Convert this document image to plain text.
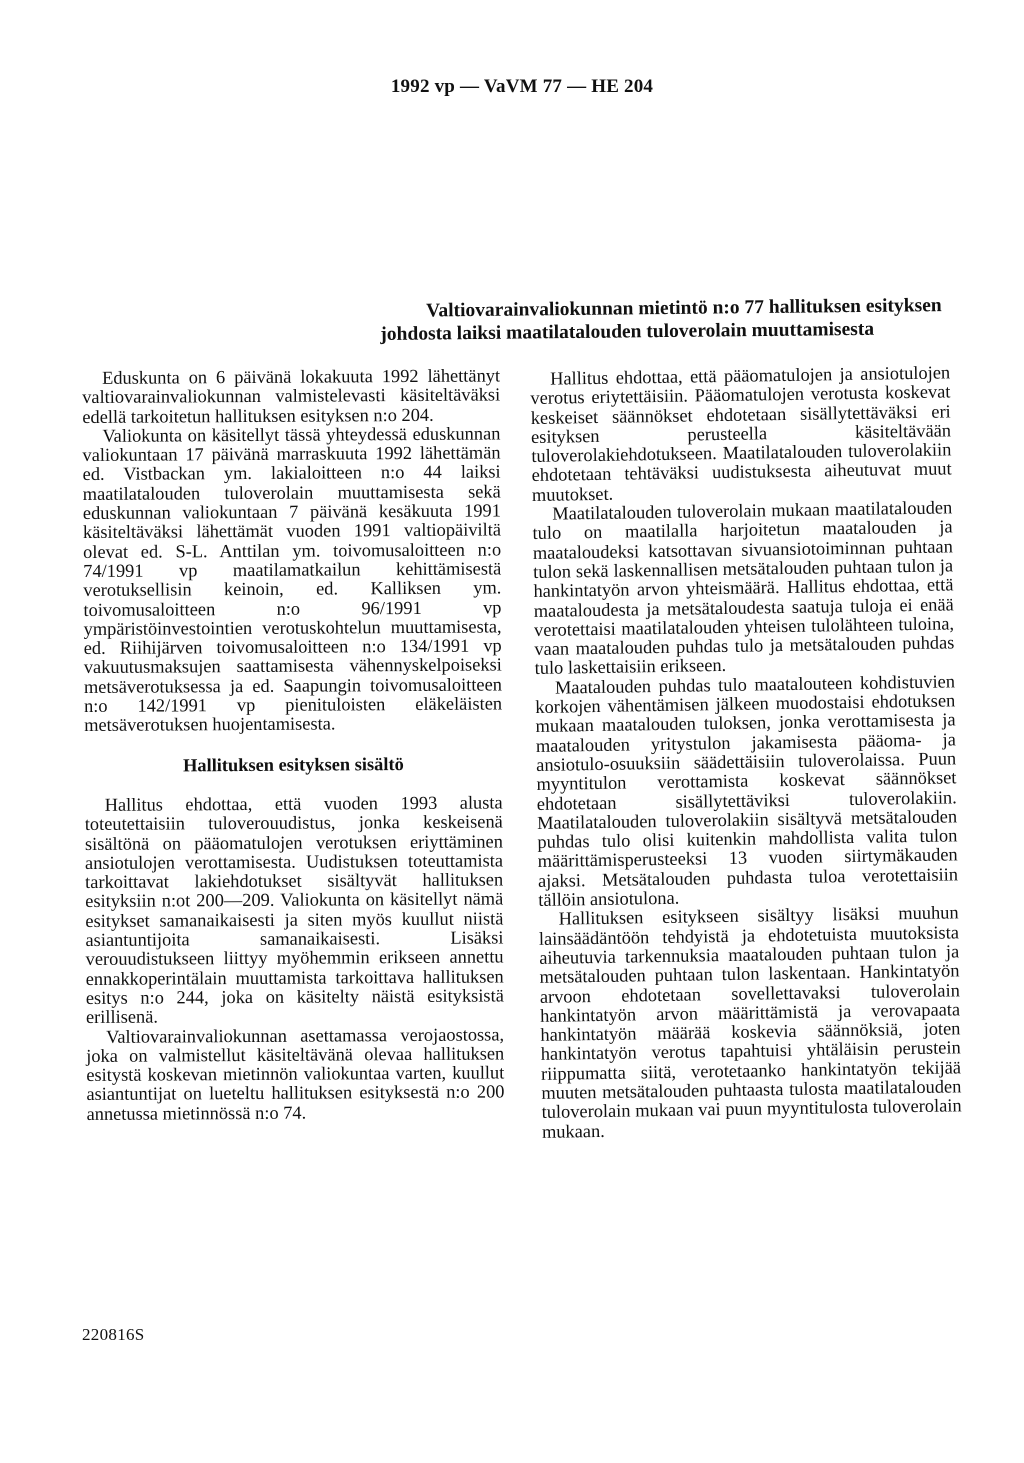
1992 vp — VaVM 77 — HE 204
Valtiovarainvaliokunnan mietintö n:o 77 hallituksen esityksen
johdosta laiksi maatilatalouden tuloverolain muuttamisesta

Eduskunta on 6 päivänä lokakuuta 1992 lähettänyt valtiovarainvaliokunnan valmistelevasti käsiteltäväksi edellä tarkoitetun hallituksen esityksen n:o 204.

Valiokunta on käsitellyt tässä yhteydessä eduskunnan valiokuntaan 17 päivänä marraskuuta 1992 lähettämän ed. Vistbackan ym. lakialoitteen n:o 44 laiksi maatilatalouden tuloverolain muuttamisesta sekä eduskunnan valiokuntaan 7 päivänä kesäkuuta 1991 käsiteltäväksi lähettämät vuoden 1991 valtiopäiviltä olevat ed. S-L. Anttilan ym. toivomusaloitteen n:o 74/1991 vp maatilamatkailun kehittämisestä verotuksellisin keinoin, ed. Kalliksen ym. toivomusaloitteen n:o 96/1991 vp ympäristöinvestointien verotuskohtelun muuttamisesta, ed. Riihijärven toivomusaloitteen n:o 134/1991 vp vakuutusmaksujen saattamisesta vähennyskelpoiseksi metsäverotuksessa ja ed. Saapungin toivomusaloitteen n:o 142/1991 vp pienituloisten eläkeläisten metsäverotuksen huojentamisesta.

Hallituksen esityksen sisältö

Hallitus ehdottaa, että vuoden 1993 alusta toteutettaisiin tuloverouudistus, jonka keskeisenä sisältönä on pääomatulojen verotuksen eriyttäminen ansiotulojen verottamisesta. Uudistuksen toteuttamista tarkoittavat lakiehdotukset sisältyvät hallituksen esityksiin n:ot 200—209. Valiokunta on käsitellyt nämä esitykset samanaikaisesti ja siten myös kuullut niistä asiantuntijoita samanaikaisesti. Lisäksi verouudistukseen liittyy myöhemmin erikseen annettu ennakkoperintälain muuttamista tarkoittava hallituksen esitys n:o 244, joka on käsitelty näistä esityksistä erillisenä.

Valtiovarainvaliokunnan asettamassa verojaostossa, joka on valmistellut käsiteltävänä olevaa hallituksen esitystä koskevan mietinnön valiokuntaa varten, kuullut asiantuntijat on lueteltu hallituksen esityksestä n:o 200 annetussa mietinnössä n:o 74.

Hallitus ehdottaa, että pääomatulojen ja ansiotulojen verotus eriytettäisiin. Pääomatulojen verotusta koskevat keskeiset säännökset ehdotetaan sisällytettäväksi eri esityksen perusteella käsiteltävään tuloverolakiehdotukseen. Maatilatalouden tuloverolakiin ehdotetaan tehtäväksi uudistuksesta aiheutuvat muut muutokset.

Maatilatalouden tuloverolain mukaan maatilatalouden tulo on maatilalla harjoitetun maatalouden ja maataloudeksi katsottavan sivuansiotoiminnan puhtaan tulon sekä laskennallisen metsätalouden puhtaan tulon ja hankintatyön arvon yhteismäärä. Hallitus ehdottaa, että maataloudesta ja metsätaloudesta saatuja tuloja ei enää verotettaisi maatilatalouden yhteisen tulolähteen tuloina, vaan maatalouden puhdas tulo ja metsätalouden puhdas tulo laskettaisiin erikseen.

Maatalouden puhdas tulo maatalouteen kohdistuvien korkojen vähentämisen jälkeen muodostaisi ehdotuksen mukaan maatalouden tuloksen, jonka verottamisesta ja maatalouden yritystulon jakamisesta pääoma- ja ansiotulo-osuuksiin säädettäisiin tuloverolaissa. Puun myyntitulon verottamista koskevat säännökset ehdotetaan sisällytettäviksi tuloverolakiin. Maatilatalouden tuloverolakiin sisältyvä metsätalouden puhdas tulo olisi kuitenkin mahdollista valita tulon määrittämisperusteeksi 13 vuoden siirtymäkauden ajaksi. Metsätalouden puhdasta tuloa verotettaisiin tällöin ansiotulona.

Hallituksen esitykseen sisältyy lisäksi muuhun lainsäädäntöön tehdyistä ja ehdotetuista muutoksista aiheutuvia tarkennuksia maatalouden puhtaan tulon ja metsätalouden puhtaan tulon laskentaan. Hankintatyön arvoon ehdotetaan sovellettavaksi tuloverolain hankintatyön arvon määrittämistä ja verovapaata hankintatyön määrää koskevia säännöksiä, joten hankintatyön verotus tapahtuisi yhtäläisin perustein riippumatta siitä, verotetaanko hankintatyön tekijää muuten metsätalouden puhtaasta tulosta maatilatalouden tuloverolain mukaan vai puun myyntitulosta tuloverolain mukaan.

220816S
